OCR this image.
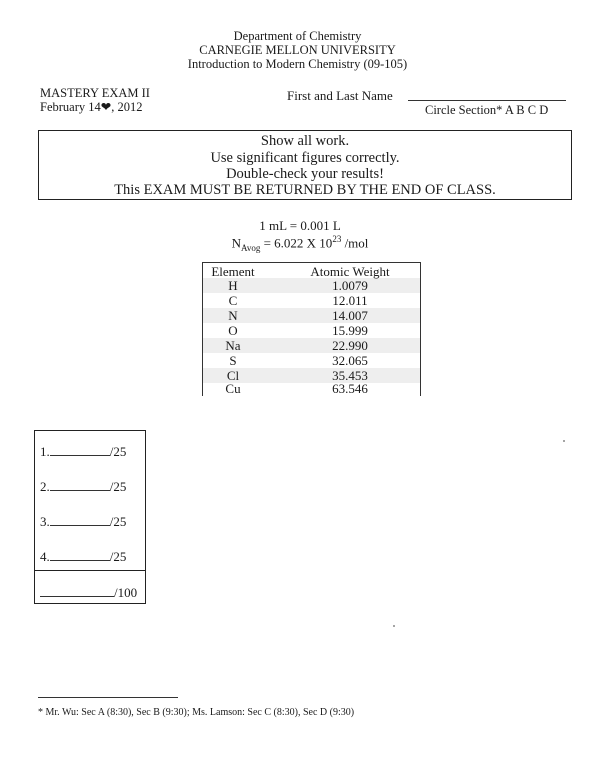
Department of Chemistry
CARNEGIE MELLON UNIVERSITY
Introduction to Modern Chemistry (09-105)
MASTERY EXAM II
February 14❤, 2012
First and Last Name
Circle Section* A B C D
Show all work.
Use significant figures correctly.
Double-check your results!
This EXAM MUST BE RETURNED BY THE END OF CLASS.
1 mL = 0.001 L
$N_{Avog} = 6.022$ X $10^{23}$ /mol
Element	Atomic Weight
H	1.0079
C	12.011
N	14.007
O	15.999
Na	22.990
S	32.065
Cl	35.453
Cu	63.546
1.	/25
2.	/25
3.	/25
4.	/25
/100
* Mr. Wu: Sec A (8:30), Sec B (9:30); Ms. Lamson: Sec C (8:30), Sec D (9:30)
